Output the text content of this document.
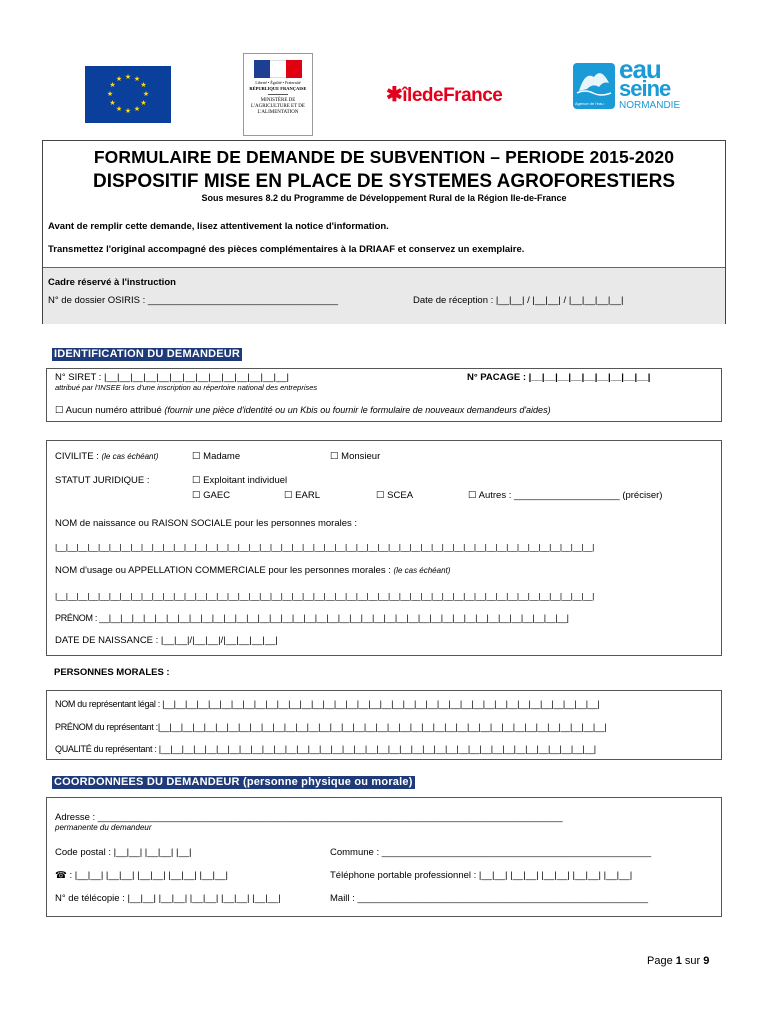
★ ★
★
★
★
★
★
★
★
★
★
★	Liberté • Égalité • Fraternité
RÉPUBLIQUE FRANÇAISE
MINISTÈRE DE L'AGRICULTURE ET DE L'ALIMENTATION
✱îledeFrance	Agence de l'eau
eau
seine
NORMANDIE
FORMULAIRE DE DEMANDE DE SUBVENTION – PERIODE 2015-2020
DISPOSITIF MISE EN PLACE DE SYSTEMES AGROFORESTIERS
Sous mesures 8.2 du Programme de Développement Rural de la Région Ile-de-France
Avant de remplir cette demande, lisez attentivement la notice d'information.
Transmettez l'original accompagné des pièces complémentaires à la DRIAAF et conservez un exemplaire.
Cadre réservé à l'instruction
N° de dossier OSIRIS : ____________________________________	Date de réception : |__|__| / |__|__| / |__|__|__|__|
IDENTIFICATION DU DEMANDEUR
N° SIRET : |__|__|__|__|__|__|__|__|__|__|__|__|__|__|
attribué par l'INSEE lors d'une inscription au répertoire national des entreprises
N° PACAGE : |__|__|__|__|__|__|__|__|__|
☐ Aucun numéro attribué (fournir une pièce d'identité ou un Kbis ou fournir le formulaire de nouveaux demandeurs d'aides)
CIVILITE : (le cas échéant)	☐ Madame	☐ Monsieur
STATUT JURIDIQUE :	☐ Exploitant individuel
☐ GAEC	☐ EARL	☐ SCEA	☐ Autres : ____________________ (préciser)
NOM de naissance ou RAISON SOCIALE pour les personnes morales :
|__|__|__|__|__|__|__|__|__|__|__|__|__|__|__|__|__|__|__|__|__|__|__|__|__|__|__|__|__|__|__|__|__|__|__|__|__|__|__|__|__|__|__|__|__|__|__|__|__|__|
NOM d'usage ou APPELLATION COMMERCIALE pour les personnes morales : (le cas échéant)
|__|__|__|__|__|__|__|__|__|__|__|__|__|__|__|__|__|__|__|__|__|__|__|__|__|__|__|__|__|__|__|__|__|__|__|__|__|__|__|__|__|__|__|__|__|__|__|__|__|__|
PRÉNOM : __|__|__|__|__|__|__|__|__|__|__|__|__|__|__|__|__|__|__|__|__|__|__|__|__|__|__|__|__|__|__|__|__|__|__|__|__|__|__|__|__|
DATE DE NAISSANCE : |__|__|/|__|__|/|__|__|__|__|
PERSONNES MORALES :
NOM du représentant légal : |__|__|__|__|__|__|__|__|__|__|__|__|__|__|__|__|__|__|__|__|__|__|__|__|__|__|__|__|__|__|__|__|__|__|__|__|__|__|
PRÉNOM du représentant :|__|__|__|__|__|__|__|__|__|__|__|__|__|__|__|__|__|__|__|__|__|__|__|__|__|__|__|__|__|__|__|__|__|__|__|__|__|__|__|
QUALITÉ du représentant : |__|__|__|__|__|__|__|__|__|__|__|__|__|__|__|__|__|__|__|__|__|__|__|__|__|__|__|__|__|__|__|__|__|__|__|__|__|__|
COORDONNEES DU DEMANDEUR (personne physique ou morale)
Adresse : ________________________________________________________________________________________
permanente du demandeur
Code postal : |__|__| |__|__| |__|	Commune : ___________________________________________________
☎ : |__|__| |__|__| |__|__| |__|__| |__|__|	Téléphone portable professionnel : |__|__| |__|__| |__|__| |__|__| |__|__|
N° de télécopie : |__|__| |__|__| |__|__| |__|__| |__|__|	Maill : _______________________________________________________
Page 1 sur 9
